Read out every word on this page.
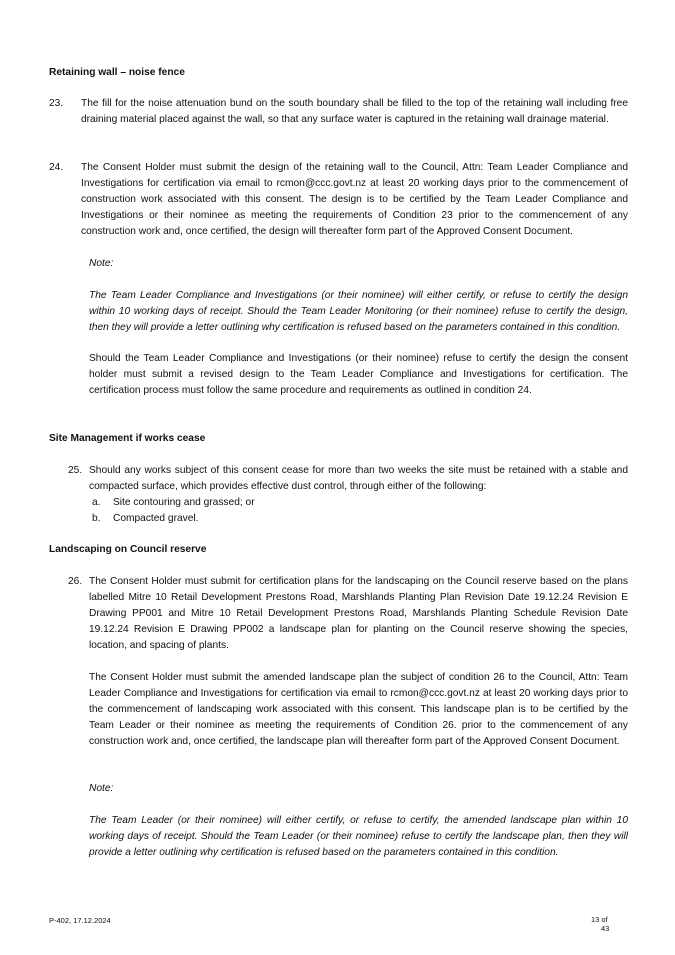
Retaining wall – noise fence
23. The fill for the noise attenuation bund on the south boundary shall be filled to the top of the retaining wall including free draining material placed against the wall, so that any surface water is captured in the retaining wall drainage material.
24. The Consent Holder must submit the design of the retaining wall to the Council, Attn: Team Leader Compliance and Investigations for certification via email to rcmon@ccc.govt.nz at least 20 working days prior to the commencement of construction work associated with this consent. The design is to be certified by the Team Leader Compliance and Investigations or their nominee as meeting the requirements of Condition 23 prior to the commencement of any construction work and, once certified, the design will thereafter form part of the Approved Consent Document.
Note:
The Team Leader Compliance and Investigations (or their nominee) will either certify, or refuse to certify the design within 10 working days of receipt. Should the Team Leader Monitoring (or their nominee) refuse to certify the design, then they will provide a letter outlining why certification is refused based on the parameters contained in this condition.
Should the Team Leader Compliance and Investigations (or their nominee) refuse to certify the design the consent holder must submit a revised design to the Team Leader Compliance and Investigations for certification. The certification process must follow the same procedure and requirements as outlined in condition 24.
Site Management if works cease
25. Should any works subject of this consent cease for more than two weeks the site must be retained with a stable and compacted surface, which provides effective dust control, through either of the following:
a. Site contouring and grassed; or
b. Compacted gravel.
Landscaping on Council reserve
26. The Consent Holder must submit for certification plans for the landscaping on the Council reserve based on the plans labelled Mitre 10 Retail Development Prestons Road, Marshlands Planting Plan Revision Date 19.12.24 Revision E Drawing PP001 and Mitre 10 Retail Development Prestons Road, Marshlands Planting Schedule Revision Date 19.12.24 Revision E Drawing PP002 a landscape plan for planting on the Council reserve showing the species, location, and spacing of plants.
The Consent Holder must submit the amended landscape plan the subject of condition 26 to the Council, Attn: Team Leader Compliance and Investigations for certification via email to rcmon@ccc.govt.nz at least 20 working days prior to the commencement of landscaping work associated with this consent. This landscape plan is to be certified by the Team Leader or their nominee as meeting the requirements of Condition 26. prior to the commencement of any construction work and, once certified, the landscape plan will thereafter form part of the Approved Consent Document.
Note:
The Team Leader (or their nominee) will either certify, or refuse to certify, the amended landscape plan within 10 working days of receipt. Should the Team Leader (or their nominee) refuse to certify the landscape plan, then they will provide a letter outlining why certification is refused based on the parameters contained in this condition.
P-402, 17.12.2024	13 of
43
